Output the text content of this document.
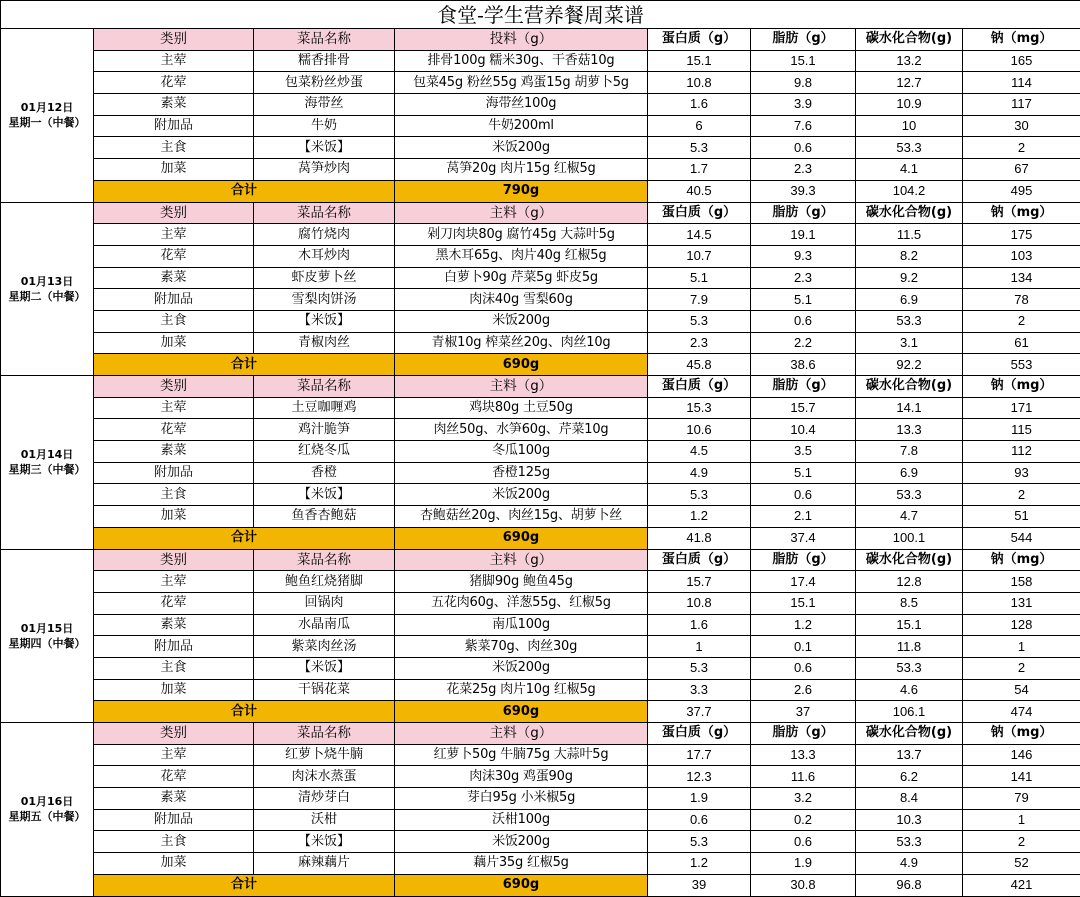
食堂-学生营养餐周菜谱							
01月12日
星期一（中餐）	类别	菜品名称	投料（g）	蛋白质（g）	脂肪（g）	碳水化合物(g)	钠（mg）
	主荤	糯香排骨	排骨100g 糯米30g、干香菇10g	15.1	15.1	13.2	165
	花荤	包菜粉丝炒蛋	包菜45g 粉丝55g 鸡蛋15g 胡萝卜5g	10.8	9.8	12.7	114
	素菜	海带丝	海带丝100g	1.6	3.9	10.9	117
	附加品	牛奶	牛奶200ml	6	7.6	10	30
	主食	【米饭】	米饭200g	5.3	0.6	53.3	2
	加菜	莴笋炒肉	莴笋20g 肉片15g 红椒5g	1.7	2.3	4.1	67
	合计		790g	40.5	39.3	104.2	495
01月13日
星期二（中餐）	类别	菜品名称	主料（g）	蛋白质（g）	脂肪（g）	碳水化合物(g)	钠（mg）
	主荤	腐竹烧肉	剁刀肉块80g 腐竹45g 大蒜叶5g	14.5	19.1	11.5	175
	花荤	木耳炒肉	黑木耳65g、肉片40g 红椒5g	10.7	9.3	8.2	103
	素菜	虾皮萝卜丝	白萝卜90g 芹菜5g 虾皮5g	5.1	2.3	9.2	134
	附加品	雪梨肉饼汤	肉沫40g 雪梨60g	7.9	5.1	6.9	78
	主食	【米饭】	米饭200g	5.3	0.6	53.3	2
	加菜	青椒肉丝	青椒10g 榨菜丝20g、肉丝10g	2.3	2.2	3.1	61
	合计		690g	45.8	38.6	92.2	553
01月14日
星期三（中餐）	类别	菜品名称	主料（g）	蛋白质（g）	脂肪（g）	碳水化合物(g)	钠（mg）
	主荤	土豆咖喱鸡	鸡块80g 土豆50g	15.3	15.7	14.1	171
	花荤	鸡汁脆笋	肉丝50g、水笋60g、芹菜10g	10.6	10.4	13.3	115
	素菜	红烧冬瓜	冬瓜100g	4.5	3.5	7.8	112
	附加品	香橙	香橙125g	4.9	5.1	6.9	93
	主食	【米饭】	米饭200g	5.3	0.6	53.3	2
	加菜	鱼香杏鲍菇	杏鲍菇丝20g、肉丝15g、胡萝卜丝	1.2	2.1	4.7	51
	合计		690g	41.8	37.4	100.1	544
01月15日
星期四（中餐）	类别	菜品名称	主料（g）	蛋白质（g）	脂肪（g）	碳水化合物(g)	钠（mg）
	主荤	鲍鱼红烧猪脚	猪脚90g 鲍鱼45g	15.7	17.4	12.8	158
	花荤	回锅肉	五花肉60g、洋葱55g、红椒5g	10.8	15.1	8.5	131
	素菜	水晶南瓜	南瓜100g	1.6	1.2	15.1	128
	附加品	紫菜肉丝汤	紫菜70g、肉丝30g	1	0.1	11.8	1
	主食	【米饭】	米饭200g	5.3	0.6	53.3	2
	加菜	干锅花菜	花菜25g 肉片10g 红椒5g	3.3	2.6	4.6	54
	合计		690g	37.7	37	106.1	474
01月16日
星期五（中餐）	类别	菜品名称	主料（g）	蛋白质（g）	脂肪（g）	碳水化合物(g)	钠（mg）
	主荤	红萝卜烧牛腩	红萝卜50g 牛腩75g 大蒜叶5g	17.7	13.3	13.7	146
	花荤	肉沫水蒸蛋	肉沫30g 鸡蛋90g	12.3	11.6	6.2	141
	素菜	清炒芽白	芽白95g 小米椒5g	1.9	3.2	8.4	79
	附加品	沃柑	沃柑100g	0.6	0.2	10.3	1
	主食	【米饭】	米饭200g	5.3	0.6	53.3	2
	加菜	麻辣藕片	藕片35g 红椒5g	1.2	1.9	4.9	52
	合计		690g	39	30.8	96.8	421
